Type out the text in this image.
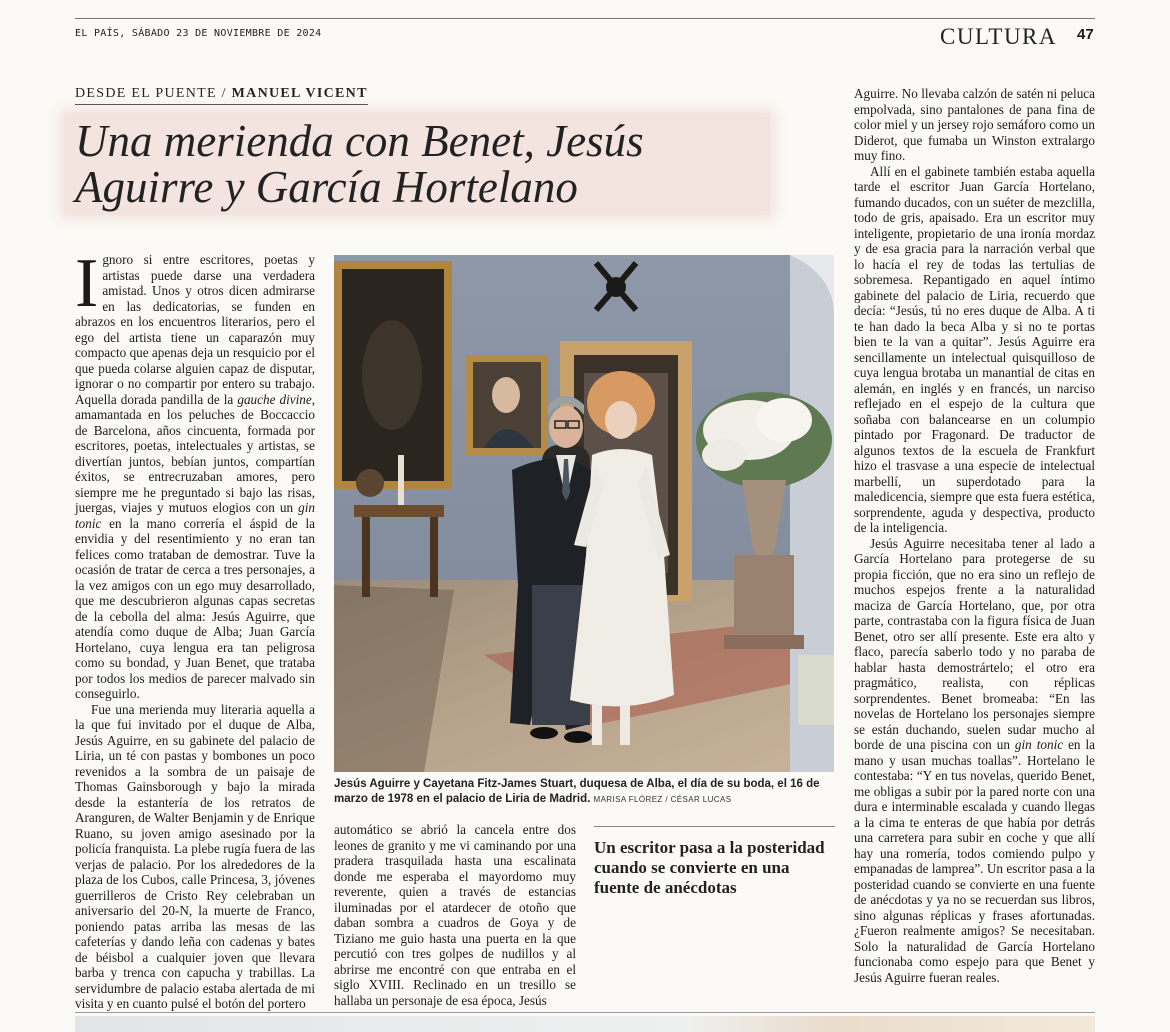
EL PAÍS, SÁBADO 23 DE NOVIEMBRE DE 2024	CULTURA 47
DESDE EL PUENTE / MANUEL VICENT
Una merienda con Benet, Jesús Aguirre y García Hortelano

Ignoro si entre escritores, poetas y artistas puede darse una verdadera amistad. Unos y otros dicen admirarse en las dedicatorias, se funden en abrazos en los encuentros literarios, pero el ego del artista tiene un caparazón muy compacto que apenas deja un resquicio por el que pueda colarse alguien capaz de disputar, ignorar o no compartir por entero su trabajo. Aquella dorada pandilla de la gauche divine, amamantada en los peluches de Boccaccio de Barcelona, años cincuenta, formada por escritores, poetas, intelectuales y artistas, se divertían juntos, bebían juntos, compartían éxitos, se entrecruzaban amores, pero siempre me he preguntado si bajo las risas, juergas, viajes y mutuos elogios con un gin tonic en la mano correría el áspid de la envidia y del resentimiento y no eran tan felices como trataban de demostrar. Tuve la ocasión de tratar de cerca a tres personajes, a la vez amigos con un ego muy desarrollado, que me descubrieron algunas capas secretas de la cebolla del alma: Jesús Aguirre, que atendía como duque de Alba; Juan García Hortelano, cuya lengua era tan peligrosa como su bondad, y Juan Benet, que trataba por todos los medios de parecer malvado sin conseguirlo.

Fue una merienda muy literaria aquella a la que fui invitado por el duque de Alba, Jesús Aguirre, en su gabinete del palacio de Liria, un té con pastas y bombones un poco revenidos a la sombra de un paisaje de Thomas Gainsborough y bajo la mirada desde la estantería de los retratos de Aranguren, de Walter Benjamin y de Enrique Ruano, su joven amigo asesinado por la policía franquista. La plebe rugía fuera de las verjas de palacio. Por los alrededores de la plaza de los Cubos, calle Princesa, 3, jóvenes guerrilleros de Cristo Rey celebraban un aniversario del 20-N, la muerte de Franco, poniendo patas arriba las mesas de las cafeterías y dando leña con cadenas y bates de béisbol a cualquier joven que llevara barba y trenca con capucha y trabillas. La servidumbre de palacio estaba alertada de mi visita y en cuanto pulsé el botón del portero

Jesús Aguirre y Cayetana Fitz-James Stuart, duquesa de Alba, el día de su boda, el 16 de marzo de 1978 en el palacio de Liria de Madrid. MARISA FLÓREZ / CÉSAR LUCAS

automático se abrió la cancela entre dos leones de granito y me vi caminando por una pradera trasquilada hasta una escalinata donde me esperaba el mayordomo muy reverente, quien a través de estancias iluminadas por el atardecer de otoño que daban sombra a cuadros de Goya y de Tiziano me guio hasta una puerta en la que percutió con tres golpes de nudillos y al abrirse me encontré con que entraba en el siglo XVIII. Reclinado en un tresillo se hallaba un personaje de esa época, Jesús

Un escritor pasa a la posteridad cuando se convierte en una fuente de anécdotas

Aguirre. No llevaba calzón de satén ni peluca empolvada, sino pantalones de pana fina de color miel y un jersey rojo semáforo como un Diderot, que fumaba un Winston extralargo muy fino.

Allí en el gabinete también estaba aquella tarde el escritor Juan García Hortelano, fumando ducados, con un suéter de mezclilla, todo de gris, apaisado. Era un escritor muy inteligente, propietario de una ironía mordaz y de esa gracia para la narración verbal que lo hacía el rey de todas las tertulias de sobremesa. Repantigado en aquel íntimo gabinete del palacio de Liria, recuerdo que decía: “Jesús, tú no eres duque de Alba. A ti te han dado la beca Alba y si no te portas bien te la van a quitar”. Jesús Aguirre era sencillamente un intelectual quisquilloso de cuya lengua brotaba un manantial de citas en alemán, en inglés y en francés, un narciso reflejado en el espejo de la cultura que soñaba con balancearse en un columpio pintado por Fragonard. De traductor de algunos textos de la escuela de Frankfurt hizo el trasvase a una especie de intelectual marbellí, un superdotado para la maledicencia, siempre que esta fuera estética, sorprendente, aguda y despectiva, producto de la inteligencia.

Jesús Aguirre necesitaba tener al lado a García Hortelano para protegerse de su propia ficción, que no era sino un reflejo de muchos espejos frente a la naturalidad maciza de García Hortelano, que, por otra parte, contrastaba con la figura física de Juan Benet, otro ser allí presente. Este era alto y flaco, parecía saberlo todo y no paraba de hablar hasta demostrártelo; el otro era pragmático, realista, con réplicas sorprendentes. Benet bromeaba: “En las novelas de Hortelano los personajes siempre se están duchando, suelen sudar mucho al borde de una piscina con un gin tonic en la mano y usan muchas toallas”. Hortelano le contestaba: “Y en tus novelas, querido Benet, me obligas a subir por la pared norte con una dura e interminable escalada y cuando llegas a la cima te enteras de que había por detrás una carretera para subir en coche y que allí hay una romería, todos comiendo pulpo y empanadas de lamprea”. Un escritor pasa a la posteridad cuando se convierte en una fuente de anécdotas y ya no se recuerdan sus libros, sino algunas réplicas y frases afortunadas. ¿Fueron realmente amigos? Se necesitaban. Solo la naturalidad de García Hortelano funcionaba como espejo para que Benet y Jesús Aguirre fueran reales.
